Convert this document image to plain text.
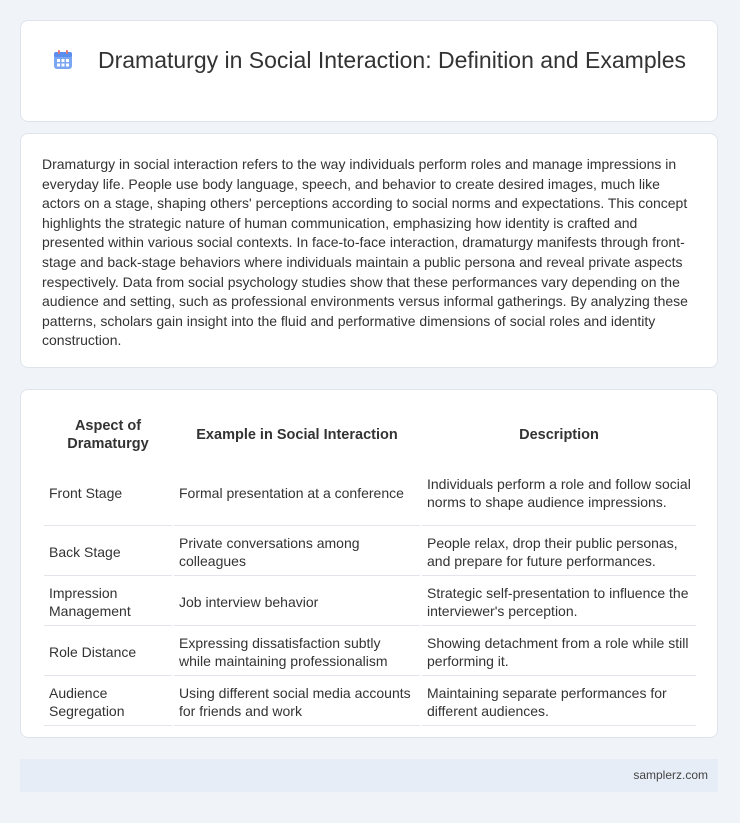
Dramaturgy in Social Interaction: Definition and Examples

Dramaturgy in social interaction refers to the way individuals perform roles and manage impressions in everyday life. People use body language, speech, and behavior to create desired images, much like actors on a stage, shaping others' perceptions according to social norms and expectations. This concept highlights the strategic nature of human communication, emphasizing how identity is crafted and presented within various social contexts. In face-to-face interaction, dramaturgy manifests through front-stage and back-stage behaviors where individuals maintain a public persona and reveal private aspects respectively. Data from social psychology studies show that these performances vary depending on the audience and setting, such as professional environments versus informal gatherings. By analyzing these patterns, scholars gain insight into the fluid and performative dimensions of social roles and identity construction.

Aspect of Dramaturgy	Example in Social Interaction	Description
Front Stage	Formal presentation at a conference	Individuals perform a role and follow social norms to shape audience impressions.
Back Stage	Private conversations among colleagues	People relax, drop their public personas, and prepare for future performances.
Impression Management	Job interview behavior	Strategic self-presentation to influence the interviewer's perception.
Role Distance	Expressing dissatisfaction subtly while maintaining professionalism	Showing detachment from a role while still performing it.
Audience Segregation	Using different social media accounts for friends and work	Maintaining separate performances for different audiences.
samplerz.com
